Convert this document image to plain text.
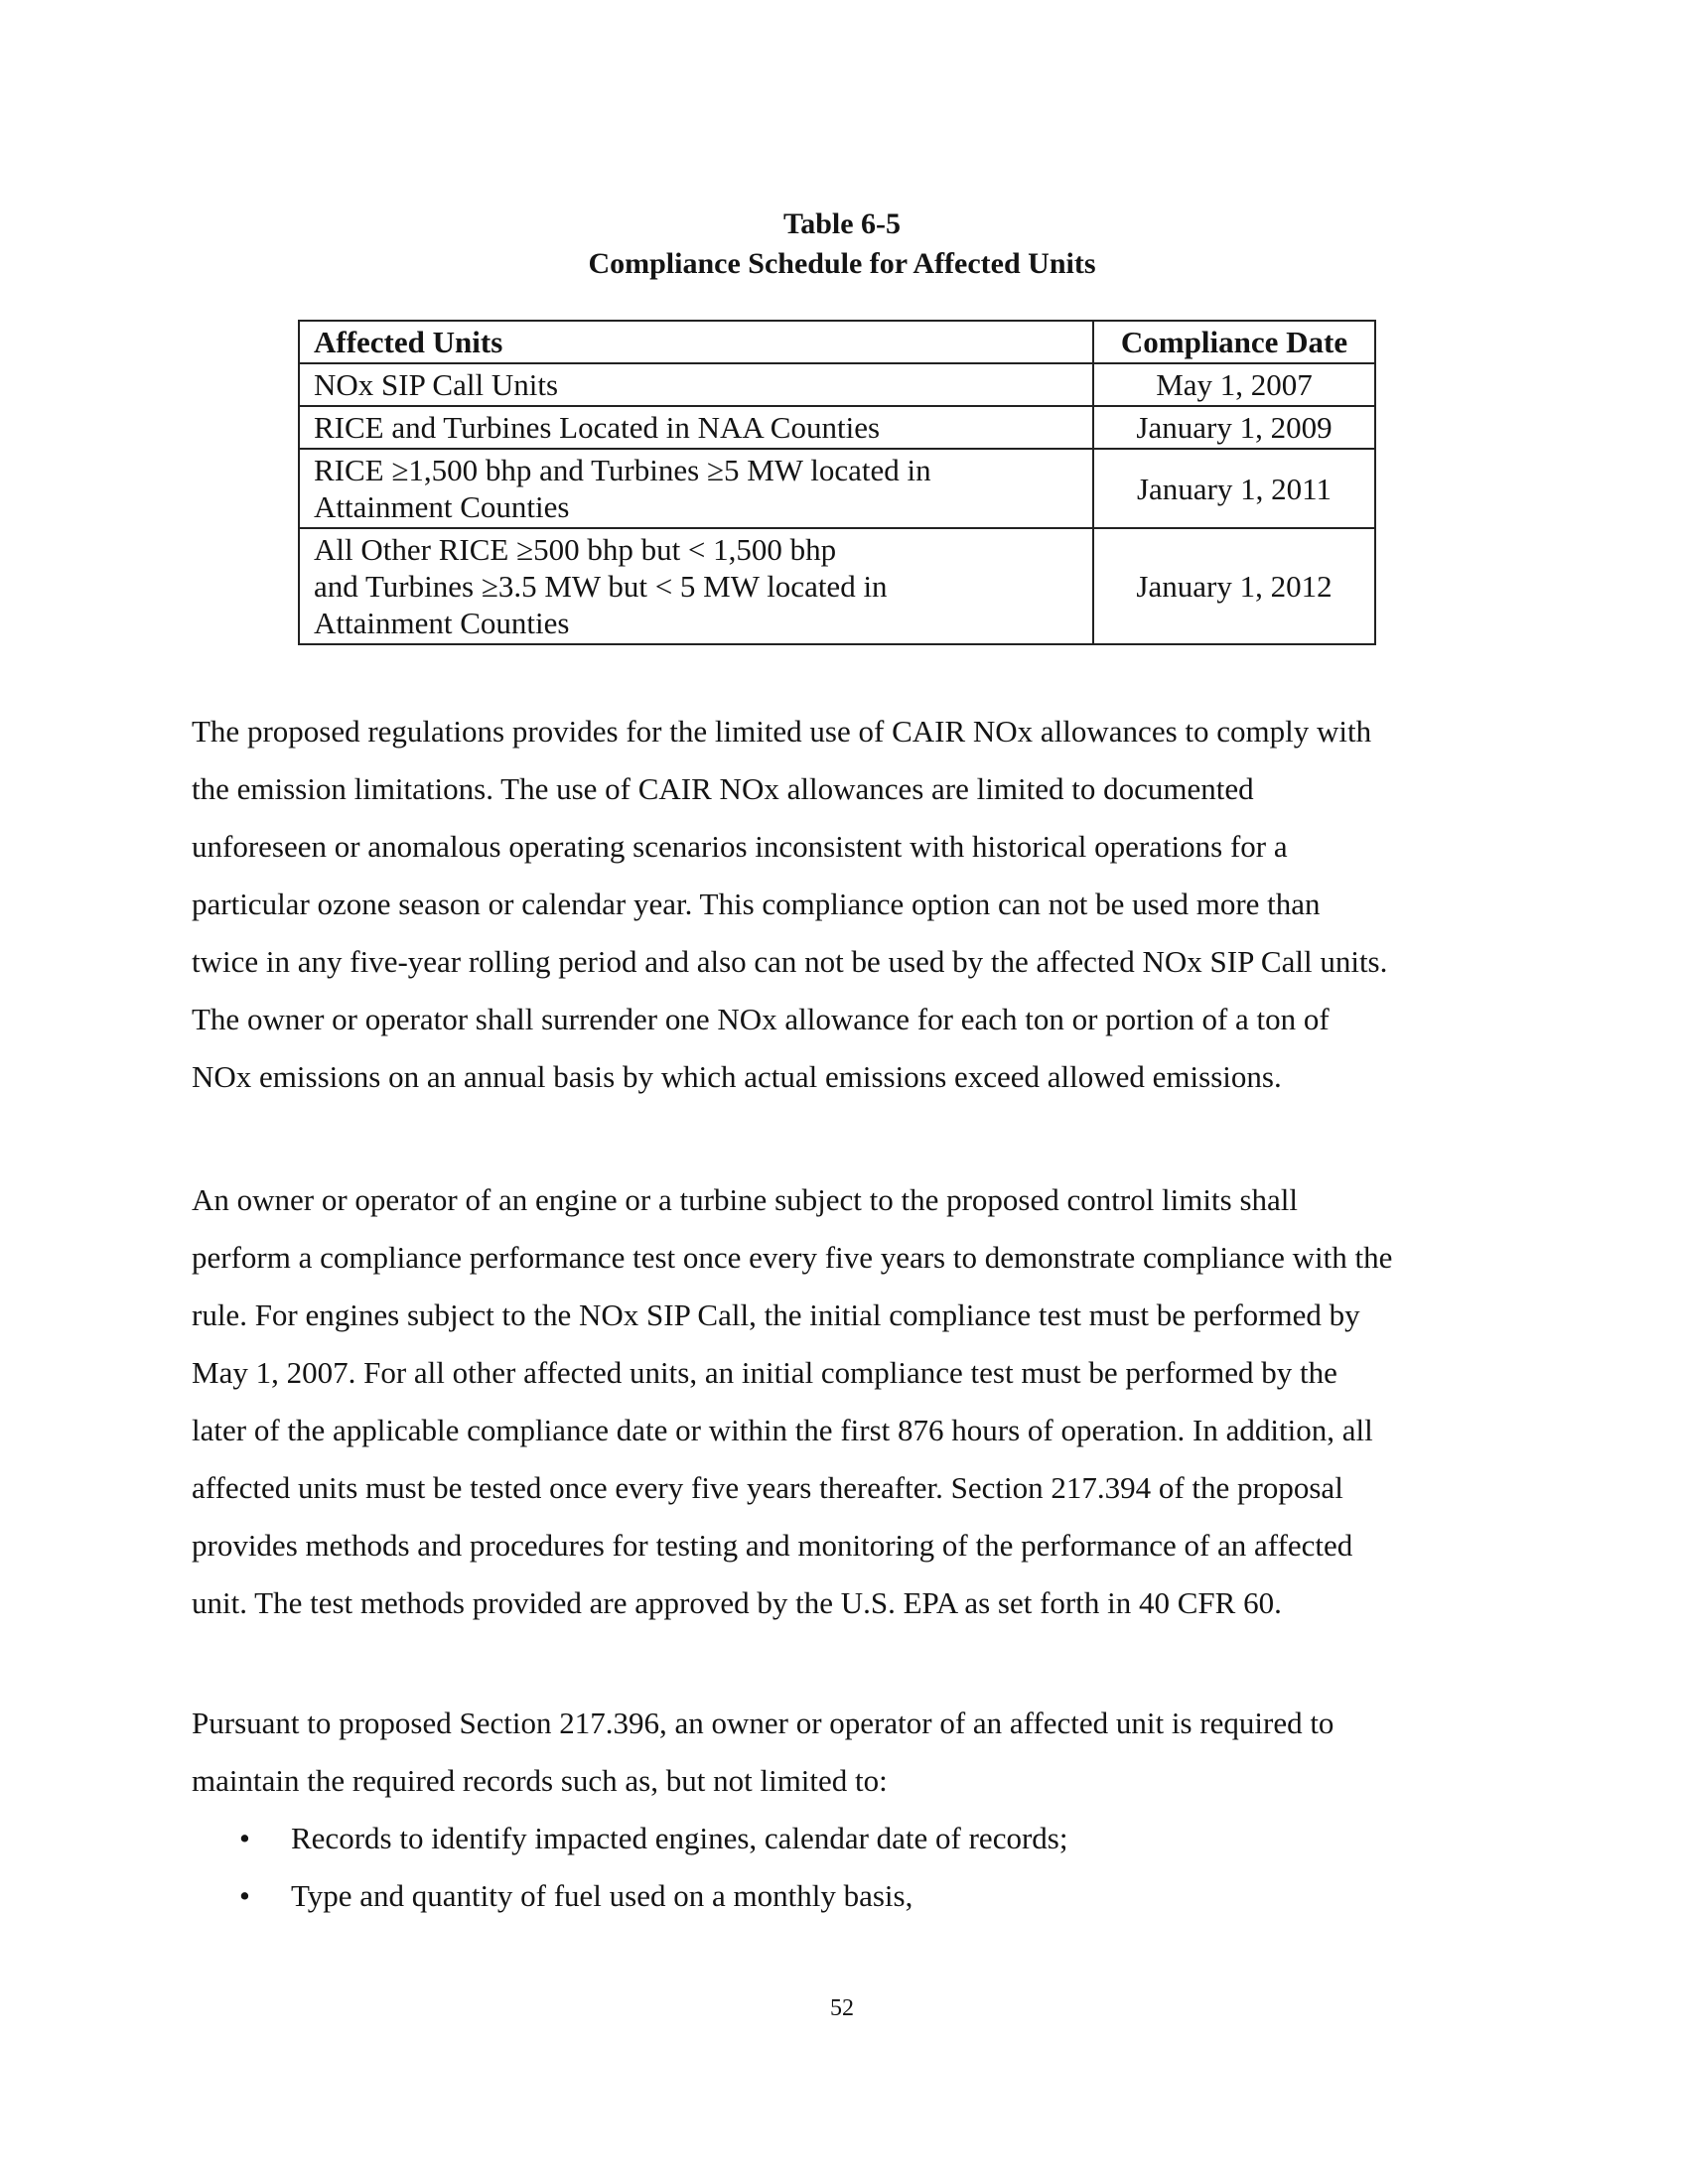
Table 6-5
Compliance Schedule for Affected Units
Affected Units	Compliance Date
NOx SIP Call Units	May 1, 2007
RICE and Turbines Located in NAA Counties	January 1, 2009
RICE ≥1,500 bhp and Turbines ≥5 MW located in
Attainment Counties	January 1, 2011
All Other RICE ≥500 bhp but < 1,500 bhp
and Turbines ≥3.5 MW but < 5 MW located in
Attainment Counties	January 1, 2012

The proposed regulations provides for the limited use of CAIR NOx allowances to comply with
the emission limitations. The use of CAIR NOx allowances are limited to documented
unforeseen or anomalous operating scenarios inconsistent with historical operations for a
particular ozone season or calendar year. This compliance option can not be used more than
twice in any five-year rolling period and also can not be used by the affected NOx SIP Call units.
The owner or operator shall surrender one NOx allowance for each ton or portion of a ton of
NOx emissions on an annual basis by which actual emissions exceed allowed emissions.

An owner or operator of an engine or a turbine subject to the proposed control limits shall
perform a compliance performance test once every five years to demonstrate compliance with the
rule. For engines subject to the NOx SIP Call, the initial compliance test must be performed by
May 1, 2007. For all other affected units, an initial compliance test must be performed by the
later of the applicable compliance date or within the first 876 hours of operation. In addition, all
affected units must be tested once every five years thereafter. Section 217.394 of the proposal
provides methods and procedures for testing and monitoring of the performance of an affected
unit. The test methods provided are approved by the U.S. EPA as set forth in 40 CFR 60.

Pursuant to proposed Section 217.396, an owner or operator of an affected unit is required to
maintain the required records such as, but not limited to:

• Records to identify impacted engines, calendar date of records;
• Type and quantity of fuel used on a monthly basis,
52
